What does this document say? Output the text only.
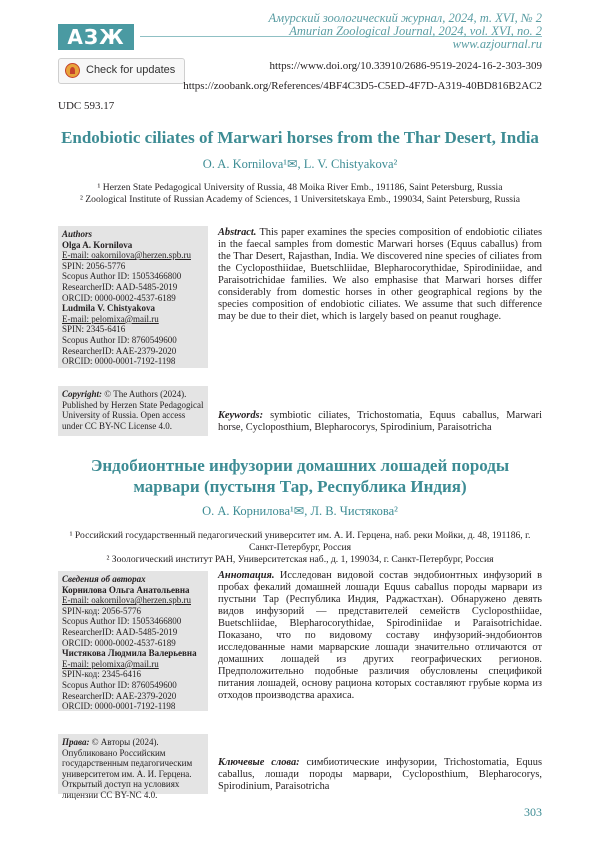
АЗЖ
Амурский зоологический журнал, 2024, т. XVI, № 2
Amurian Zoological Journal, 2024, vol. XVI, no. 2
www.azjournal.ru
Check for updates	https://www.doi.org/10.33910/2686-9519-2024-16-2-303-309
https://zoobank.org/References/4BF4C3D5-C5ED-4F7D-A319-40BD816B2AC2
UDC 593.17
Endobiotic ciliates of Marwari horses from the Thar Desert, India
O. A. Kornilova¹✉, L. V. Chistyakova²
¹ Herzen State Pedagogical University of Russia, 48 Moika River Emb., 191186, Saint Petersburg, Russia
² Zoological Institute of Russian Academy of Sciences, 1 Universitetskaya Emb., 199034, Saint Petersburg, Russia
Authors
Olga A. Kornilova
E-mail: oakornilova@herzen.spb.ru
SPIN: 2056-5776
Scopus Author ID: 15053466800
ResearcherID: AAD-5485-2019
ORCID: 0000-0002-4537-6189
Ludmila V. Chistyakova
E-mail: pelomixa@mail.ru
SPIN: 2345-6416
Scopus Author ID: 8760549600
ResearcherID: AAE-2379-2020
ORCID: 0000-0001-7192-1198
Copyright: © The Authors (2024). Published by Herzen State Pedagogical University of Russia. Open access under CC BY-NC License 4.0.
Abstract. This paper examines the species composition of endobiotic ciliates in the faecal samples from domestic Marwari horses (Equus caballus) from the Thar Desert, Rajasthan, India. We discovered nine species of ciliates from the Cycloposthiidae, Buetschliidae, Blepharocorythidae, Spirodiniidae, and Paraisotrichidae families. We also emphasise that Marwari horses differ considerably from domestic horses in other geographical regions by the species composition of endobiotic ciliates. We assume that such difference may be due to their diet, which is largely based on peanut roughage.
Keywords: symbiotic ciliates, Trichostomatia, Equus caballus, Marwari horse, Cycloposthium, Blepharocorys, Spirodinium, Paraisotricha
Эндобионтные инфузории домашних лошадей породы
марвари (пустыня Тар, Республика Индия)
О. А. Корнилова¹✉, Л. В. Чистякова²
¹ Российский государственный педагогический университет им. А. И. Герцена, наб. реки Мойки, д. 48, 191186, г. Санкт-Петербург, Россия
² Зоологический институт РАН, Университетская наб., д. 1, 199034, г. Санкт-Петербург, Россия
Сведения об авторах
Корнилова Ольга Анатольевна
E-mail: oakornilova@herzen.spb.ru
SPIN-код: 2056-5776
Scopus Author ID: 15053466800
ResearcherID: AAD-5485-2019
ORCID: 0000-0002-4537-6189
Чистякова Людмила Валерьевна
E-mail: pelomixa@mail.ru
SPIN-код: 2345-6416
Scopus Author ID: 8760549600
ResearcherID: AAE-2379-2020
ORCID: 0000-0001-7192-1198
Права: © Авторы (2024). Опубликовано Российским государственным педагогическим университетом им. А. И. Герцена. Открытый доступ на условиях лицензии CC BY-NC 4.0.
Аннотация. Исследован видовой состав эндобионтных инфузорий в пробах фекалий домашней лошади Equus caballus породы марвари из пустыни Тар (Республика Индия, Раджастхан). Обнаружено девять видов инфузорий — представителей семейств Cycloposthiidae, Buetschliidae, Blepharocorythidae, Spirodiniidae и Paraisotrichidae. Показано, что по видовому составу инфузорий-эндобионтов исследованные нами марварские лошади значительно отличаются от домашних лошадей из других географических регионов. Предположительно подобные различия обусловлены спецификой питания лошадей, основу рациона которых составляют грубые корма из отходов производства арахиса.
Ключевые слова: симбиотические инфузории, Trichostomatia, Equus caballus, лошади породы марвари, Cycloposthium, Blepharocorys, Spirodinium, Paraisotricha
303
